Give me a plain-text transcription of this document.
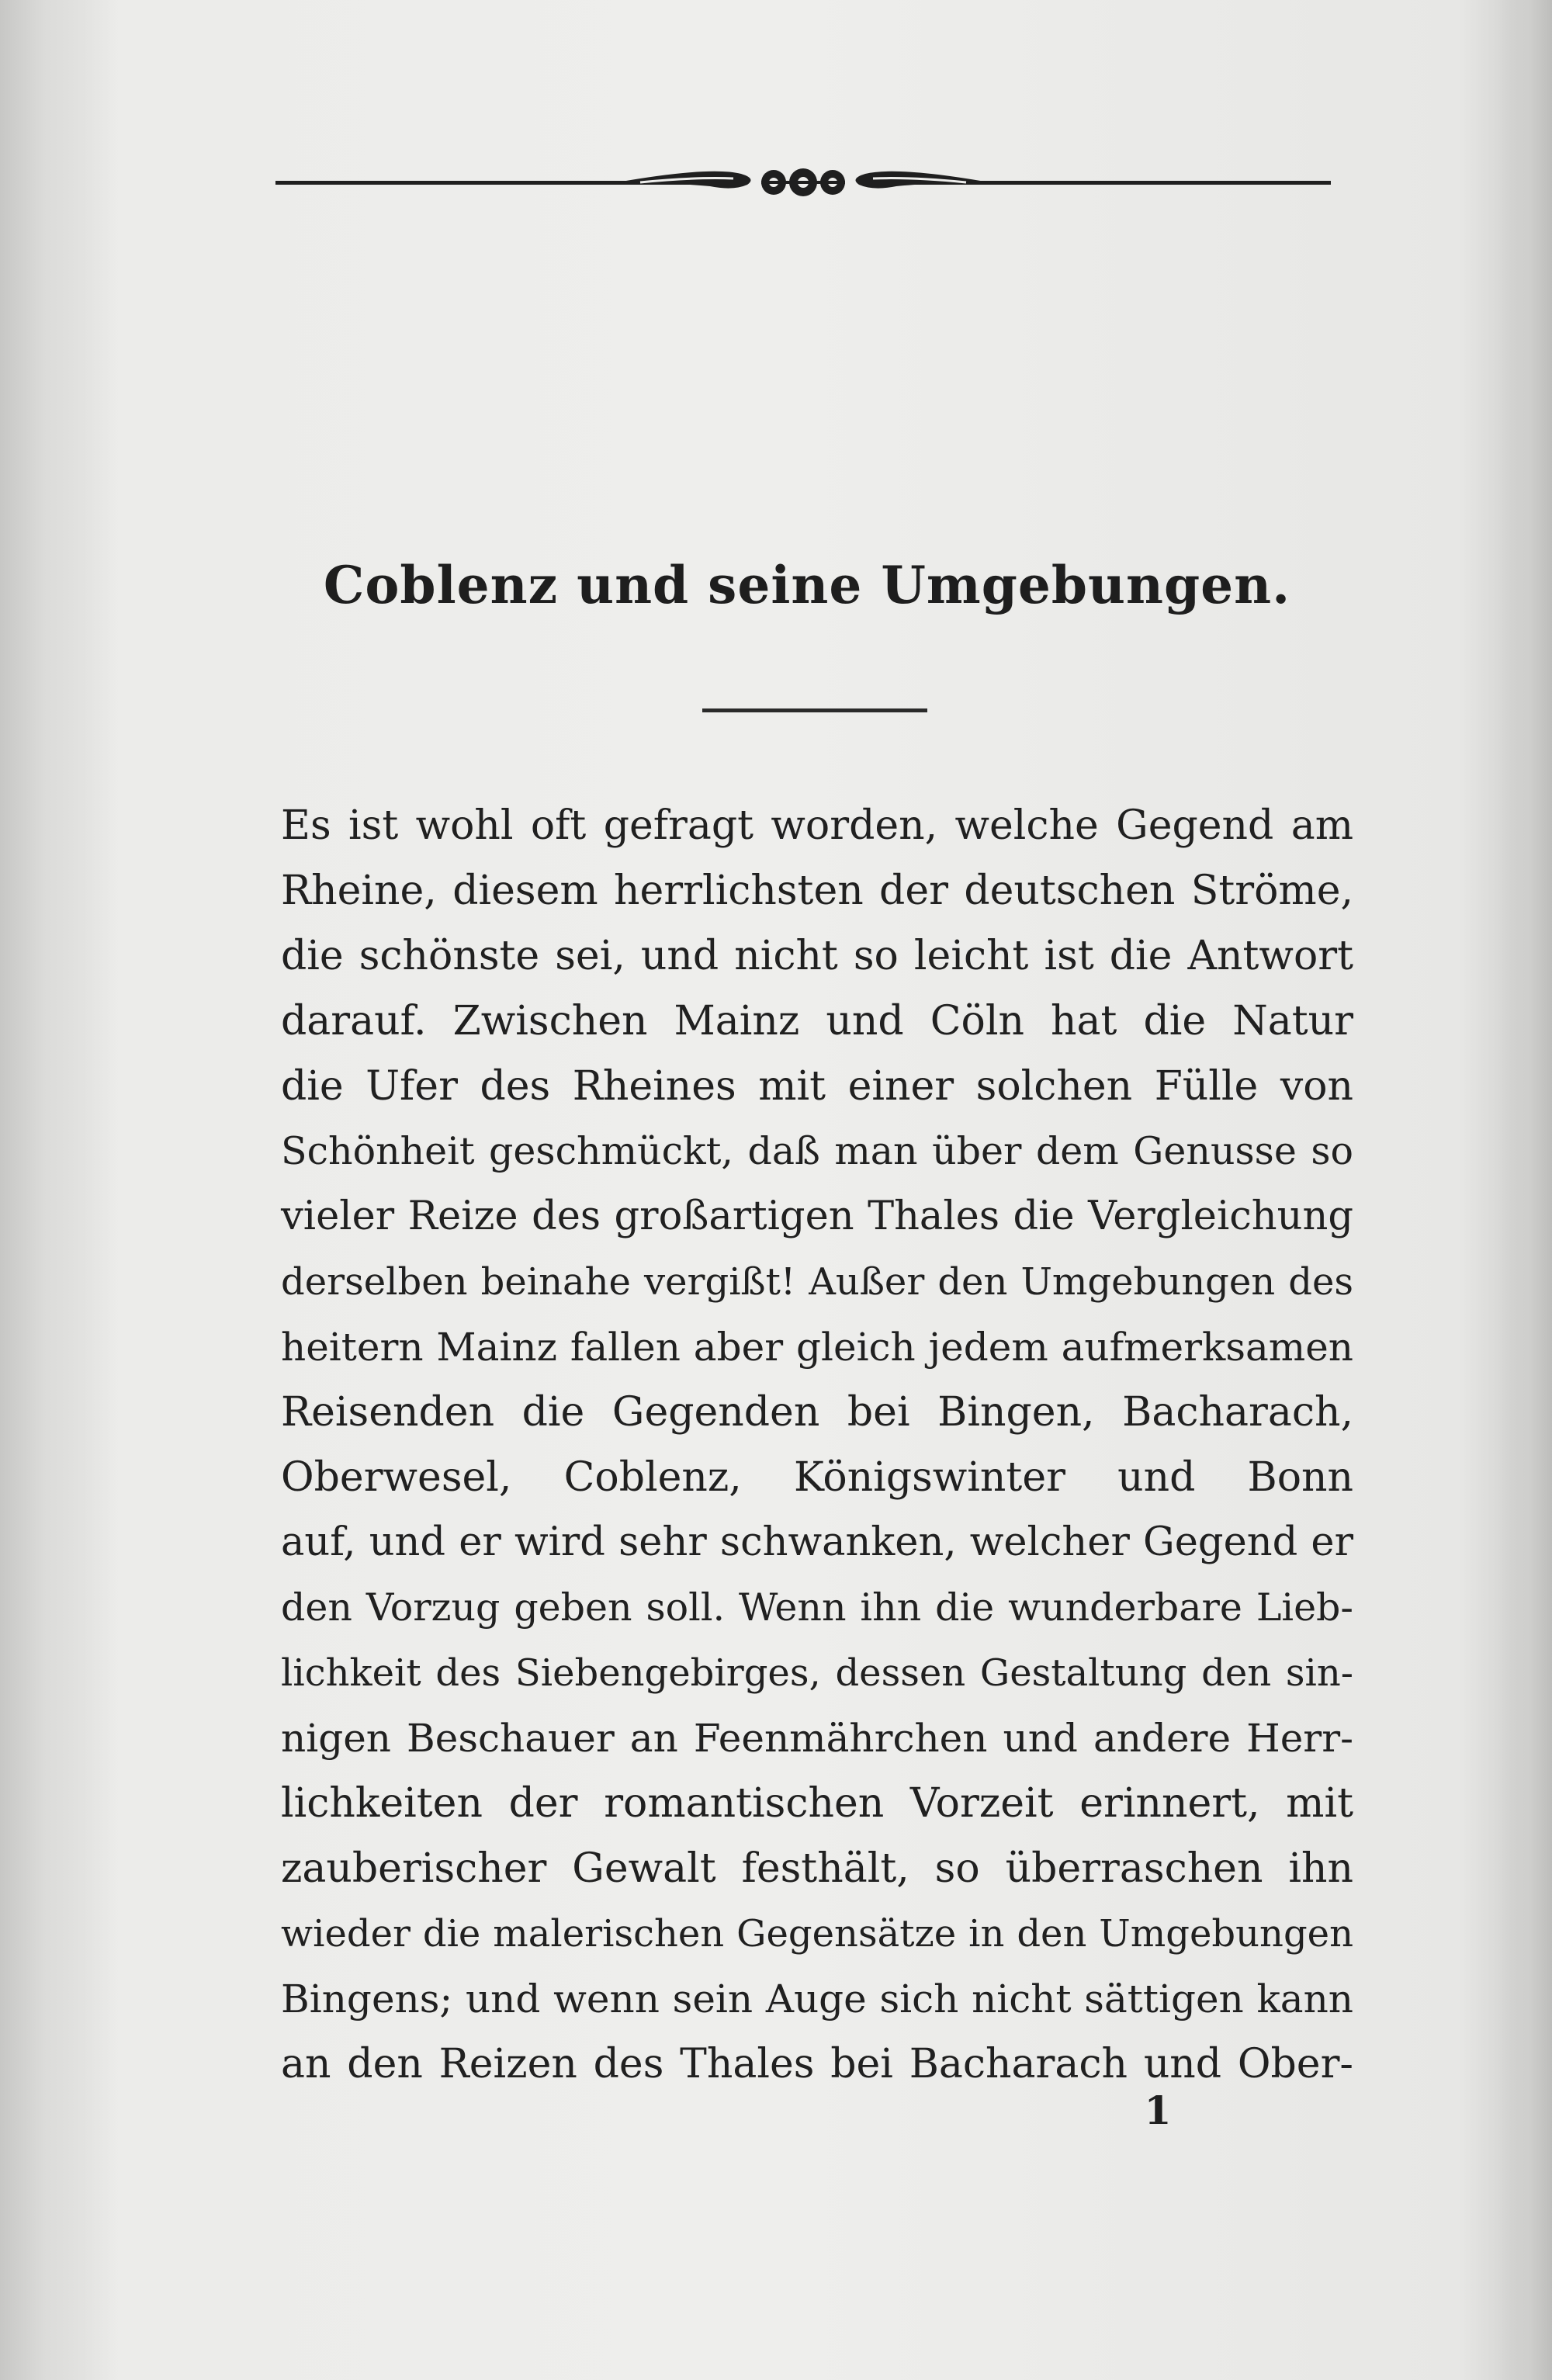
Coblenz und seine Umgebungen.
Es ist wohl oft gefragt worden, welche Gegend am
Rheine, diesem herrlichsten der deutschen Ströme,
die schönste sei, und nicht so leicht ist die Antwort
darauf. Zwischen Mainz und Cöln hat die Natur
die Ufer des Rheines mit einer solchen Fülle von
Schönheit geschmückt, daß man über dem Genusse so
vieler Reize des großartigen Thales die Vergleichung
derselben beinahe vergißt! Außer den Umgebungen des
heitern Mainz fallen aber gleich jedem aufmerksamen
Reisenden die Gegenden bei Bingen, Bacharach,
Oberwesel, Coblenz, Königswinter und Bonn
auf, und er wird sehr schwanken, welcher Gegend er
den Vorzug geben soll. Wenn ihn die wunderbare Lieb-
lichkeit des Siebengebirges, dessen Gestaltung den sin-
nigen Beschauer an Feenmährchen und andere Herr-
lichkeiten der romantischen Vorzeit erinnert, mit
zauberischer Gewalt festhält, so überraschen ihn
wieder die malerischen Gegensätze in den Umgebungen
Bingens; und wenn sein Auge sich nicht sättigen kann
an den Reizen des Thales bei Bacharach und Ober-
1
